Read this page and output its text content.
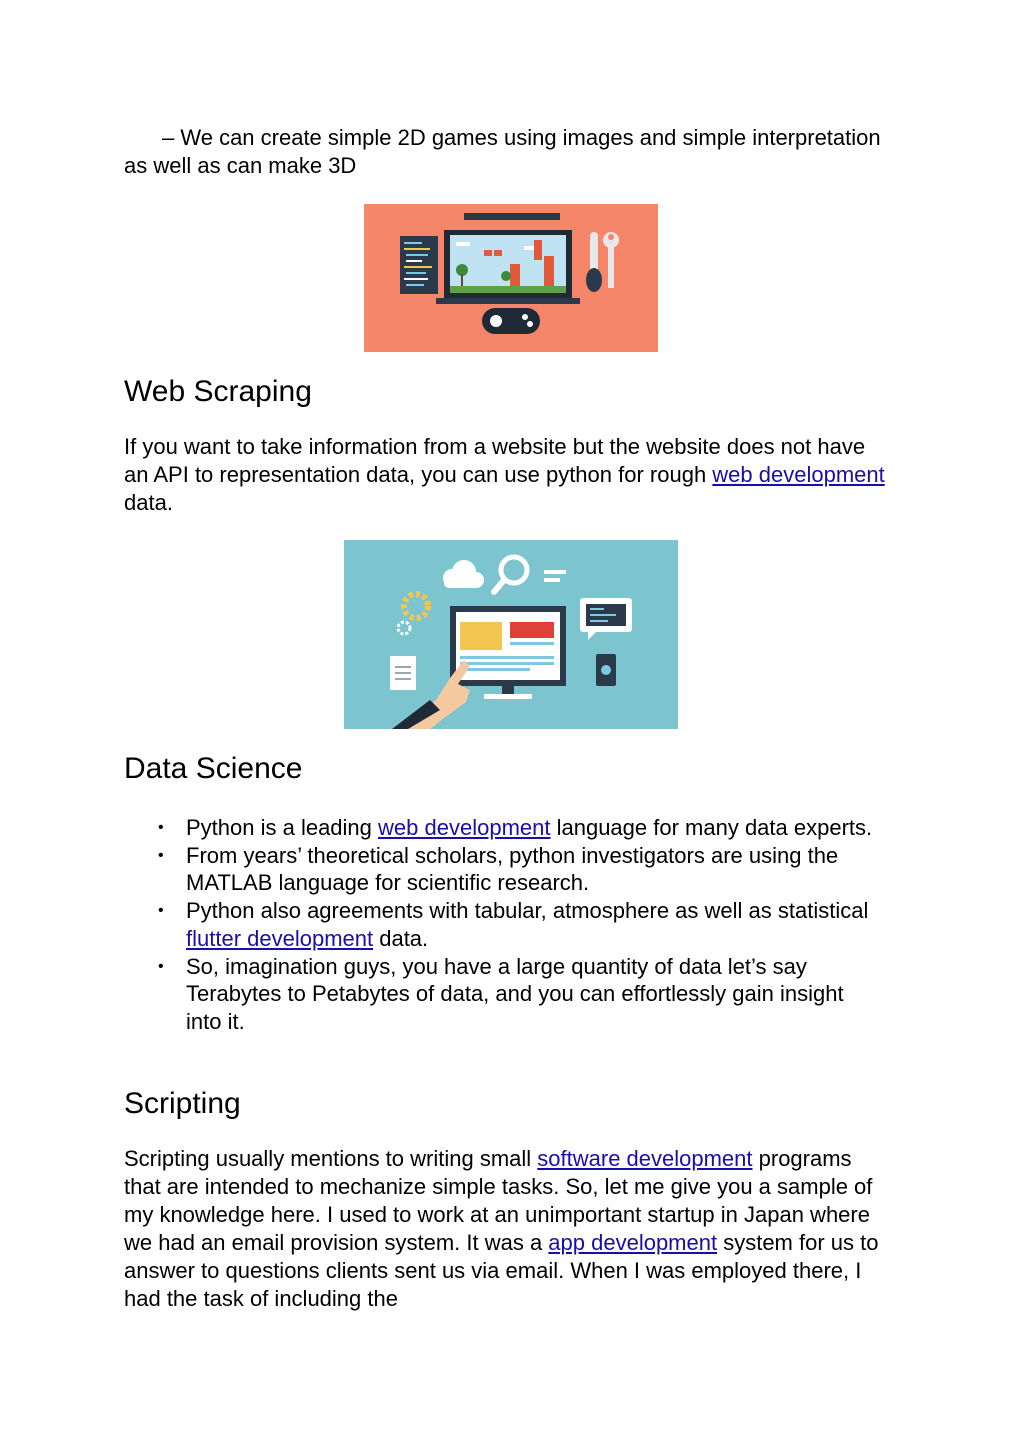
– We can create simple 2D games using images and simple interpretation as well as can make 3D

Web Scraping

If you want to take information from a website but the website does not have an API to representation data, you can use python for rough web development data.

Data Science
• Python is a leading web development language for many data experts.
• From years’ theoretical scholars, python investigators are using the MATLAB language for scientific research.
• Python also agreements with tabular, atmosphere as well as statistical flutter development data.
• So, imagination guys, you have a large quantity of data let’s say Terabytes to Petabytes of data, and you can effortlessly gain insight into it.
Scripting

Scripting usually mentions to writing small software development programs that are intended to mechanize simple tasks. So, let me give you a sample of my knowledge here. I used to work at an unimportant startup in Japan where we had an email provision system. It was a app development system for us to answer to questions clients sent us via email. When I was employed there, I had the task of including the
